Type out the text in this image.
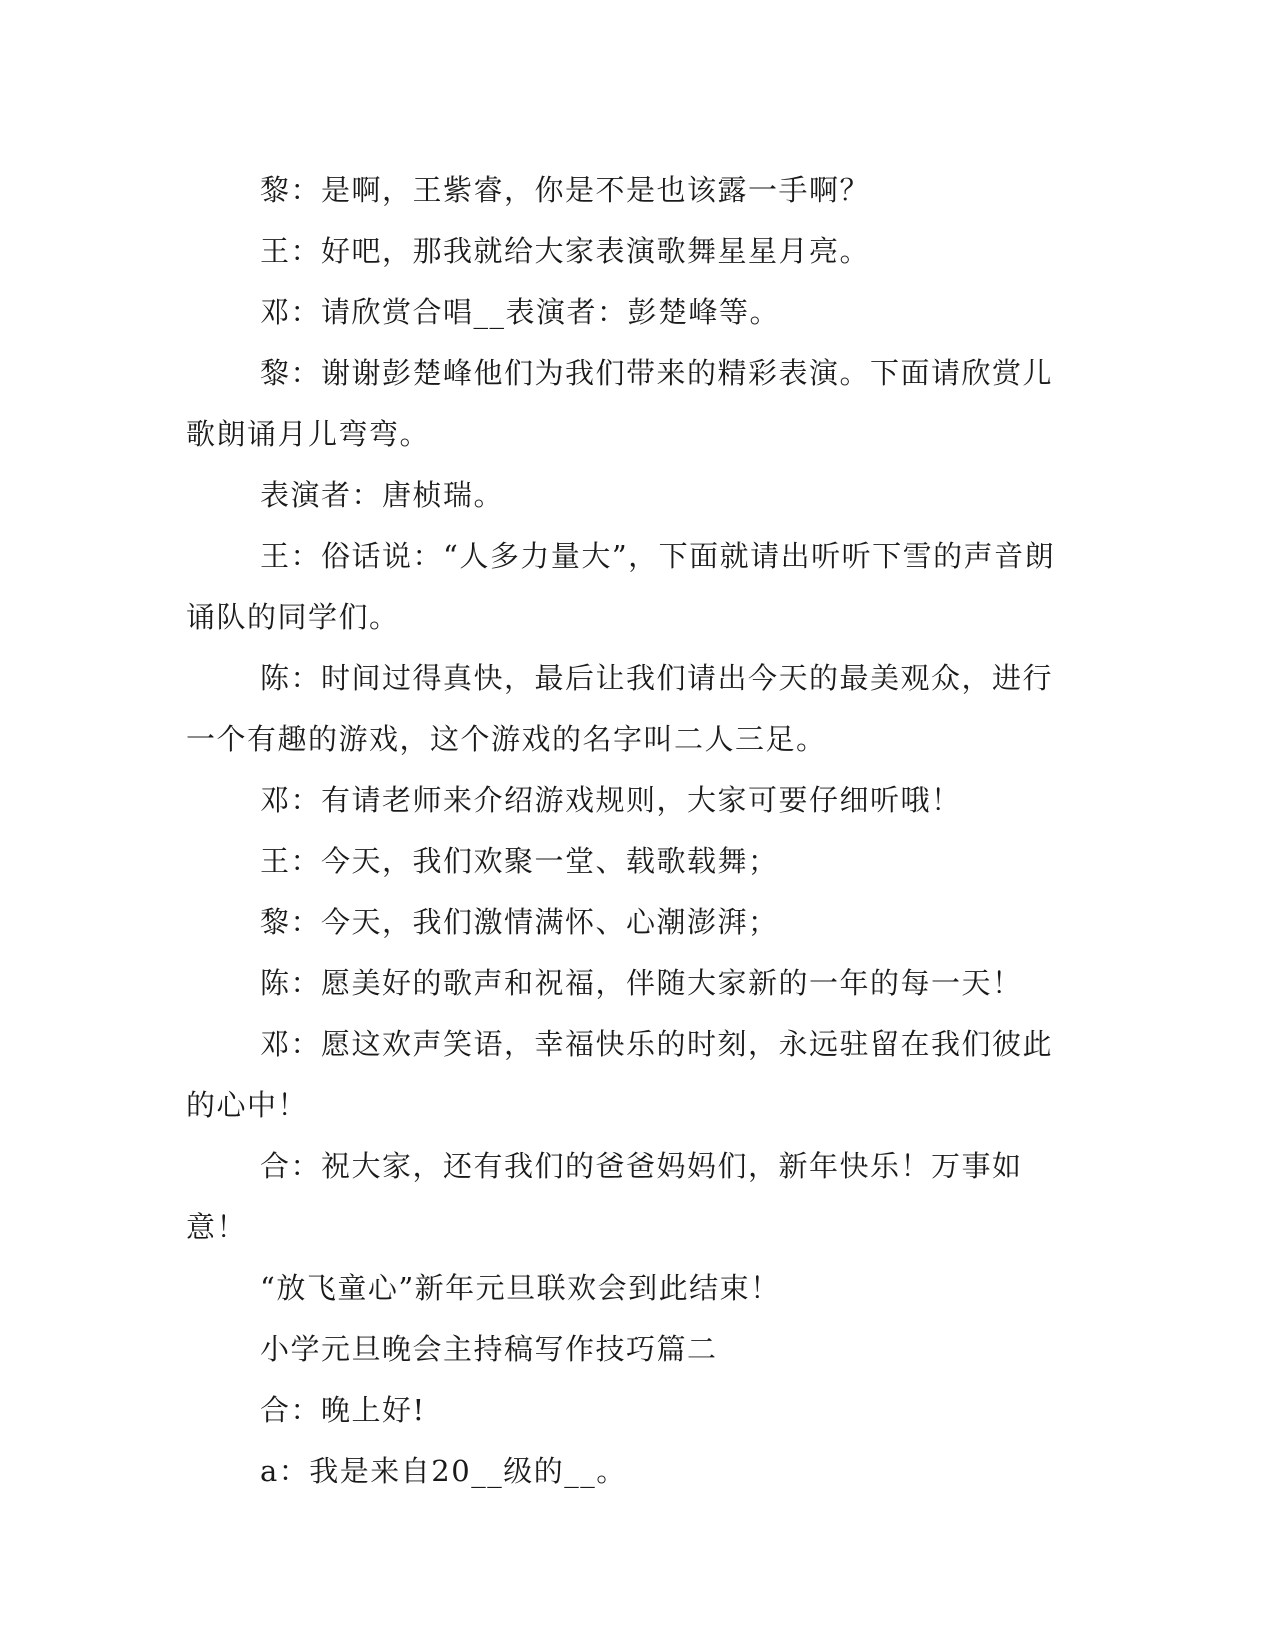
黎：是啊，王紫睿，你是不是也该露一手啊？

王：好吧，那我就给大家表演歌舞星星月亮。

邓：请欣赏合唱__表演者：彭楚峰等。

黎：谢谢彭楚峰他们为我们带来的精彩表演。下面请欣赏儿歌朗诵月儿弯弯。

表演者：唐桢瑞。

王：俗话说：“人多力量大”，下面就请出听听下雪的声音朗诵队的同学们。

陈：时间过得真快，最后让我们请出今天的最美观众，进行一个有趣的游戏，这个游戏的名字叫二人三足。

邓：有请老师来介绍游戏规则，大家可要仔细听哦！

王：今天，我们欢聚一堂、载歌载舞；

黎：今天，我们激情满怀、心潮澎湃；

陈：愿美好的歌声和祝福，伴随大家新的一年的每一天！

邓：愿这欢声笑语，幸福快乐的时刻，永远驻留在我们彼此的心中！

合：祝大家，还有我们的爸爸妈妈们，新年快乐！万事如意！

“放飞童心”新年元旦联欢会到此结束！

小学元旦晚会主持稿写作技巧篇二

合：晚上好!

a：我是来自20__级的__。
